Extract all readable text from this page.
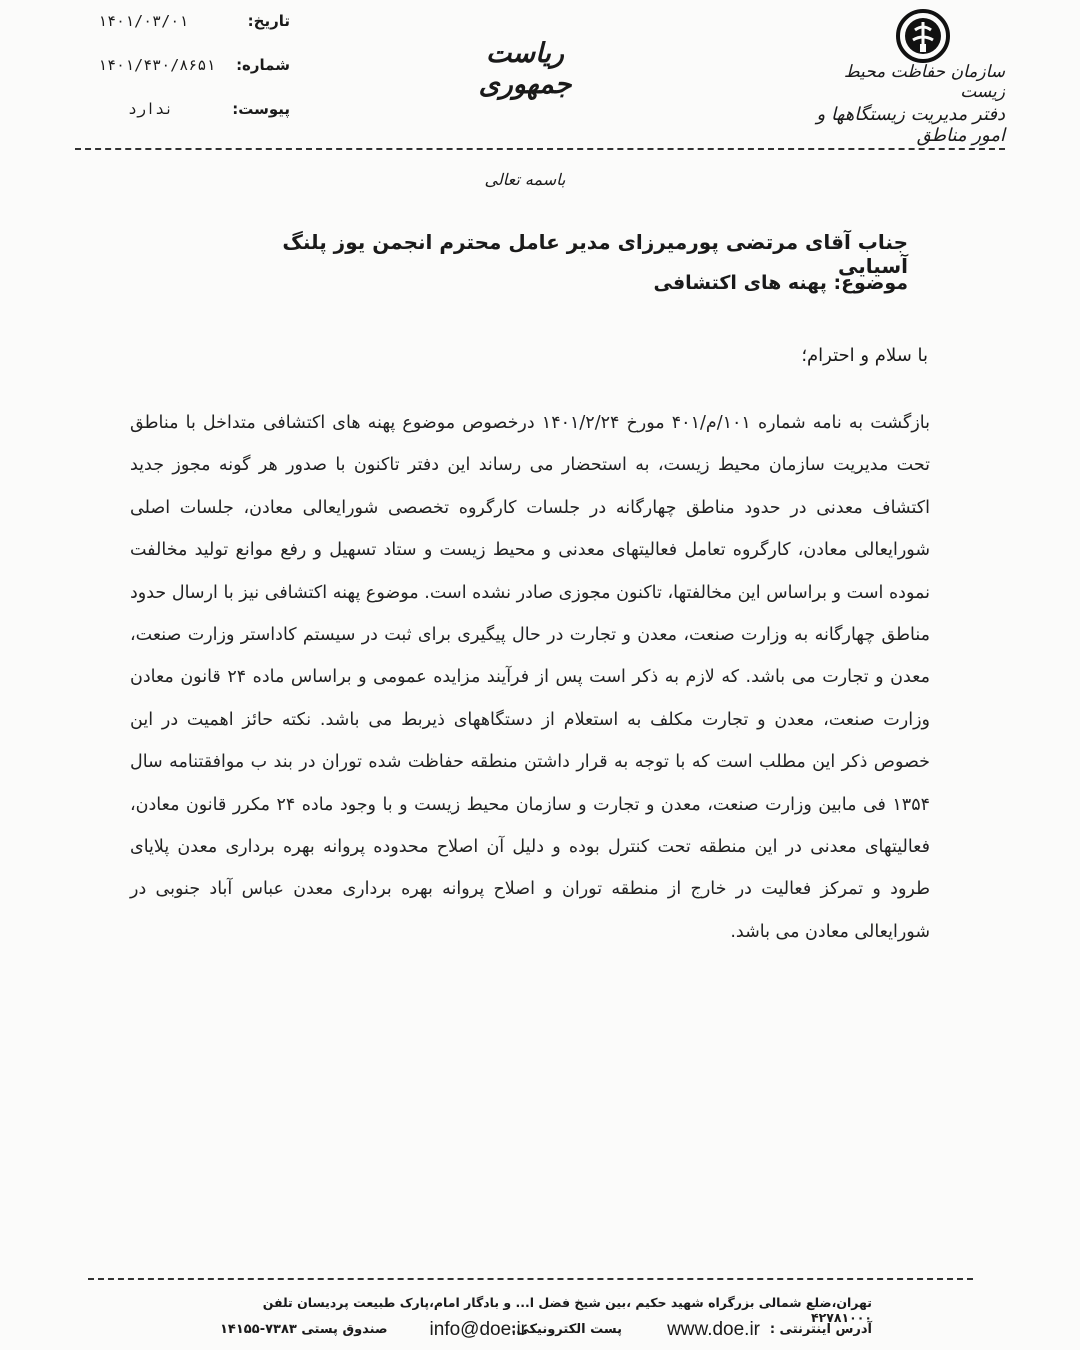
سازمان حفاظت محیط زیست
دفتر مدیریت زیستگاهها و امور مناطق
ریاست جمهوری
تاریخ:
۱۴۰۱/۰۳/۰۱
شماره:
۱۴۰۱/۴۳۰/۸۶۵۱
پیوست:
ندارد
باسمه تعالی
جناب آقای مرتضی پورمیرزای مدیر عامل محترم انجمن یوز پلنگ آسیایی
موضوع: پهنه های اکتشافی
با سلام و احترام؛
بازگشت به نامه شماره ۱۰۱/م/۴۰۱ مورخ ۱۴۰۱/۲/۲۴ درخصوص موضوع پهنه های اکتشافی متداخل با مناطق تحت مدیریت سازمان محیط زیست، به استحضار می رساند این دفتر تاکنون با صدور هر گونه مجوز جدید اکتشاف معدنی در حدود مناطق چهارگانه در جلسات کارگروه تخصصی شورایعالی معادن، جلسات اصلی شورایعالی معادن، کارگروه تعامل فعالیتهای معدنی و محیط زیست و ستاد تسهیل و رفع موانع تولید مخالفت نموده است و براساس این مخالفتها، تاکنون مجوزی صادر نشده است. موضوع پهنه اکتشافی نیز با ارسال حدود مناطق چهارگانه به وزارت صنعت، معدن و تجارت در حال پیگیری برای ثبت در سیستم کاداستر وزارت صنعت، معدن و تجارت می باشد. که لازم به ذکر است پس از فرآیند مزایده عمومی و براساس ماده ۲۴ قانون معادن وزارت صنعت، معدن و تجارت مکلف به استعلام از دستگاههای ذیربط می باشد. نکته حائز اهمیت در این خصوص ذکر این مطلب است که با توجه به قرار داشتن منطقه حفاظت شده توران در بند ب موافقتنامه سال ۱۳۵۴ فی مابین وزارت صنعت، معدن و تجارت و سازمان محیط زیست و با وجود ماده ۲۴ مکرر قانون معادن، فعالیتهای معدنی در این منطقه تحت کنترل بوده و دلیل آن اصلاح محدوده پروانه بهره برداری معدن پلایای طرود و تمرکز فعالیت در خارج از منطقه توران و اصلاح پروانه بهره برداری معدن عباس آباد جنوبی در شورایعالی معادن می باشد.
تهران،ضلع شمالی بزرگراه شهید حکیم ،بین شیخ فضل ا... و بادگار امام،پارک طبیعت پردیسان تلفن ۴۲۷۸۱۰۰۰
آدرس اینترنتی :
www.doe.ir
پست الکترونیکی:
info@doe.ir
صندوق پستی ۷۳۸۳-۱۴۱۵۵
